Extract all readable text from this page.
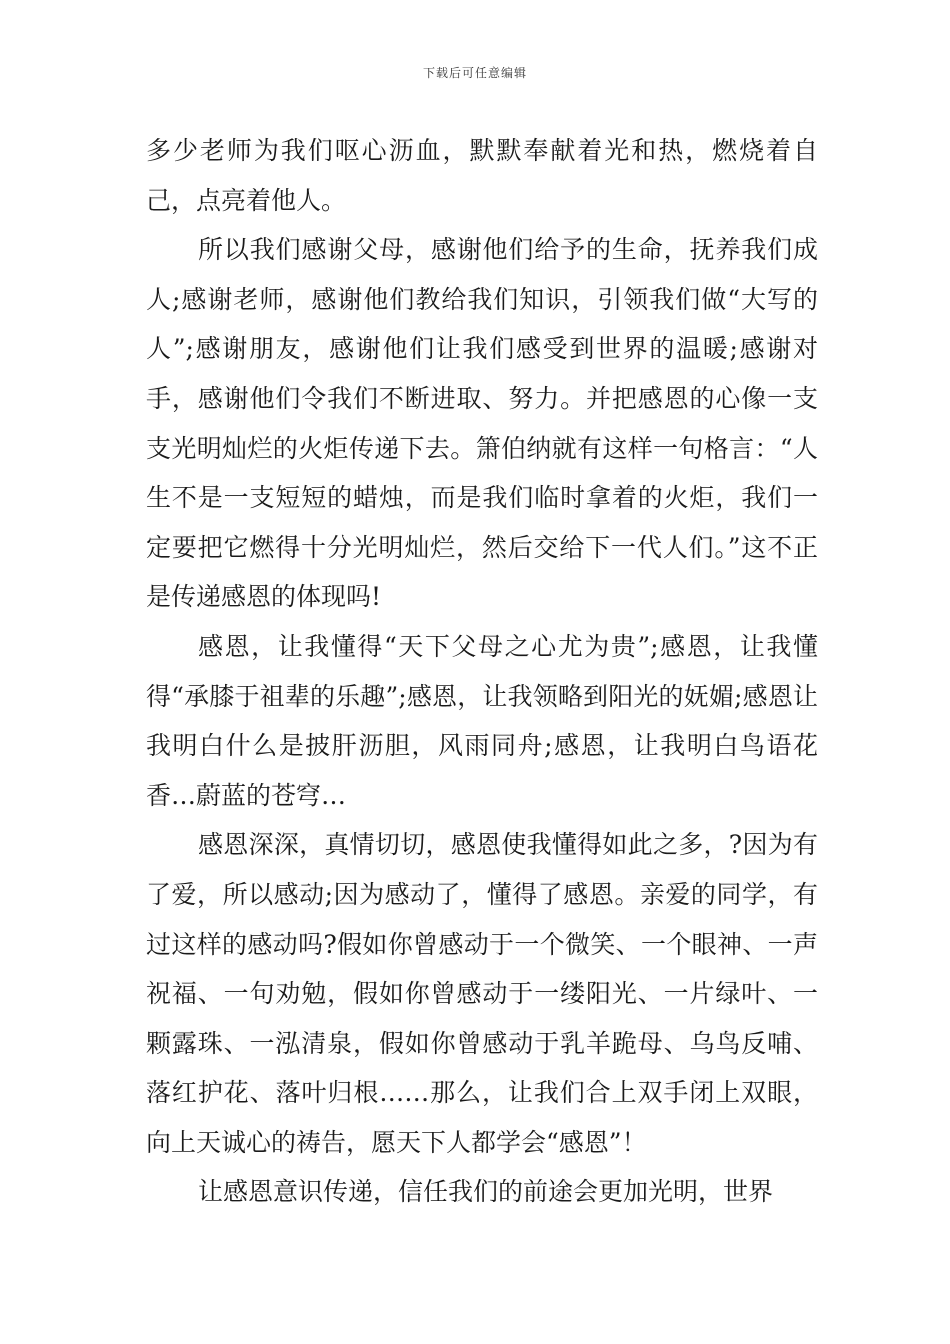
下载后可任意编辑

多少老师为我们呕心沥血，默默奉献着光和热，燃烧着自己，点亮着他人。

所以我们感谢父母，感谢他们给予的生命，抚养我们成人;感谢老师，感谢他们教给我们知识，引领我们做“大写的人”;感谢朋友，感谢他们让我们感受到世界的温暖;感谢对手，感谢他们令我们不断进取、努力。并把感恩的心像一支支光明灿烂的火炬传递下去。箫伯纳就有这样一句格言：“人生不是一支短短的蜡烛，而是我们临时拿着的火炬，我们一定要把它燃得十分光明灿烂，然后交给下一代人们。”这不正是传递感恩的体现吗!

感恩，让我懂得“天下父母之心尤为贵”;感恩，让我懂得“承膝于祖辈的乐趣”;感恩，让我领略到阳光的妩媚;感恩让我明白什么是披肝沥胆，风雨同舟;感恩，让我明白鸟语花香…蔚蓝的苍穹…

感恩深深，真情切切，感恩使我懂得如此之多，?因为有了爱，所以感动;因为感动了，懂得了感恩。亲爱的同学，有过这样的感动吗?假如你曾感动于一个微笑、一个眼神、一声祝福、一句劝勉，假如你曾感动于一缕阳光、一片绿叶、一颗露珠、一泓清泉，假如你曾感动于乳羊跪母、乌鸟反哺、落红护花、落叶归根……那么，让我们合上双手闭上双眼，向上天诚心的祷告，愿天下人都学会“感恩”！

让感恩意识传递，信任我们的前途会更加光明，世界
